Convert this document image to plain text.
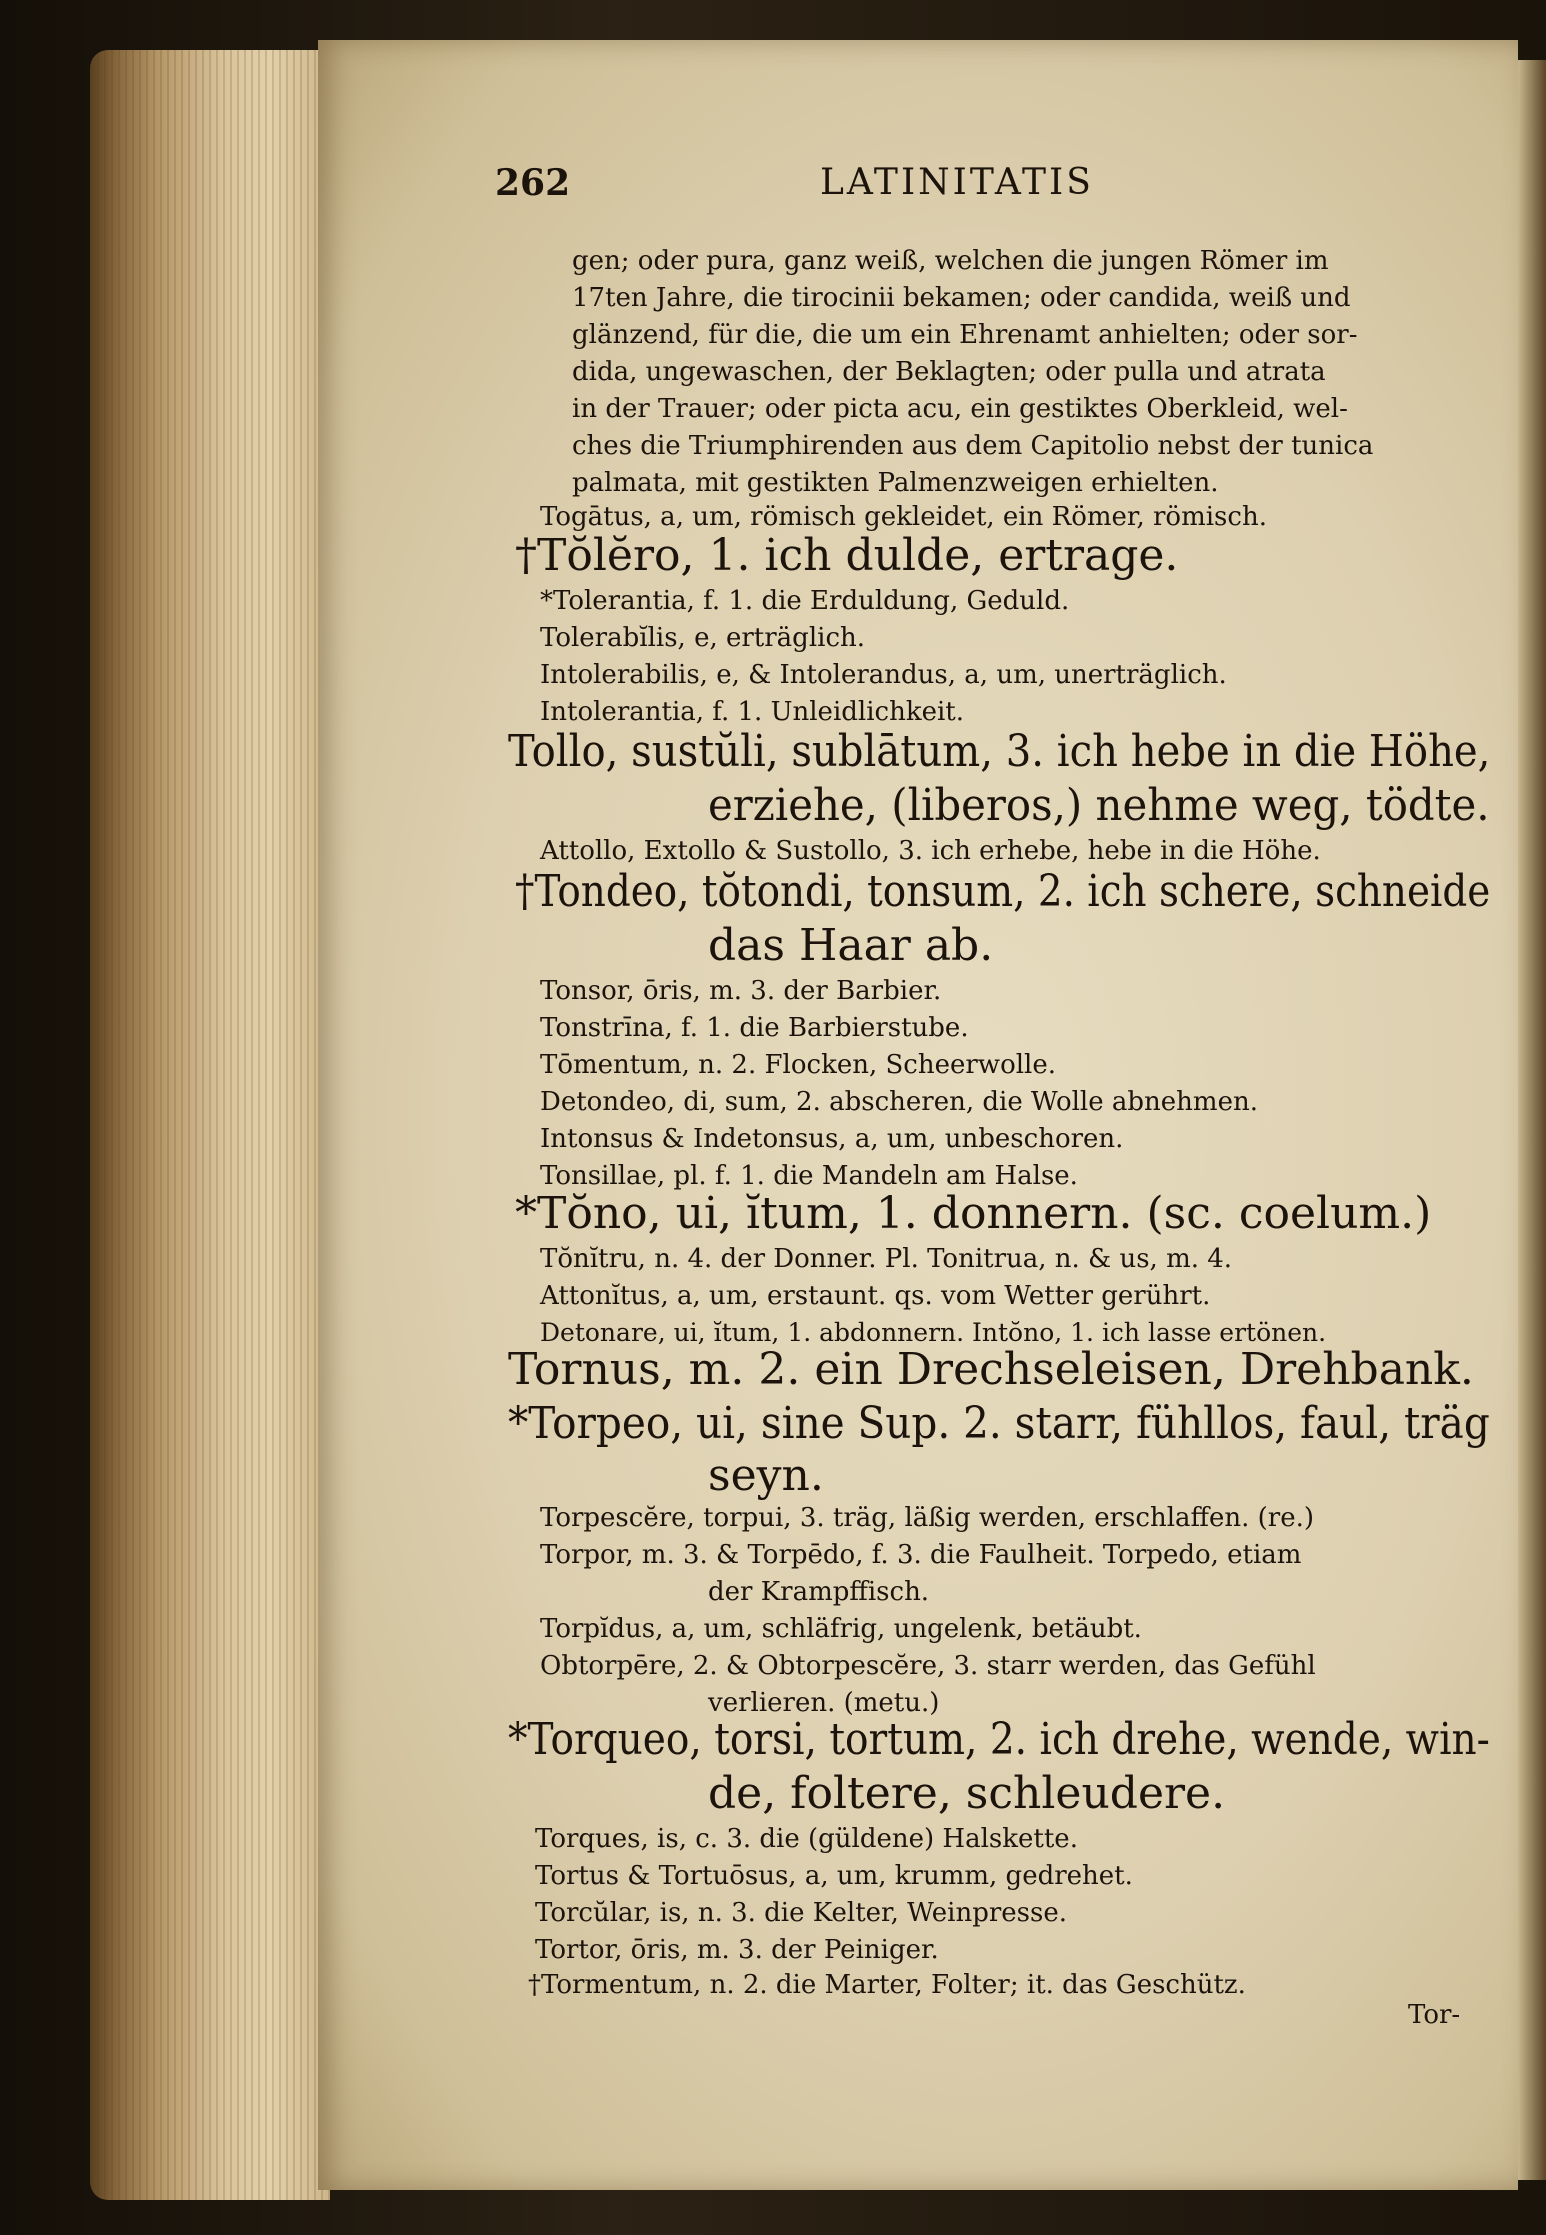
262	LATINITATIS
gen; oder pura, ganz weiß, welchen die jungen Römer im
17ten Jahre, die tirocinii bekamen; oder candida, weiß und
glänzend, für die, die um ein Ehrenamt anhielten; oder sor-
dida, ungewaschen, der Beklagten; oder pulla und atrata
in der Trauer; oder picta acu, ein gestiktes Oberkleid, wel-
ches die Triumphirenden aus dem Capitolio nebst der tunica
palmata, mit gestikten Palmenzweigen erhielten.
Togātus, a, um, römisch gekleidet, ein Römer, römisch.
†Tŏlĕro, 1. ich dulde, ertrage.
*Tolerantia, f. 1. die Erduldung, Geduld.
Tolerabĭlis, e, erträglich.
Intolerabilis, e, & Intolerandus, a, um, unerträglich.
Intolerantia, f. 1. Unleidlichkeit.
Tollo, sustŭli, sublātum, 3. ich hebe in die Höhe,
erziehe, (liberos,) nehme weg, tödte.
Attollo, Extollo & Sustollo, 3. ich erhebe, hebe in die Höhe.
†Tondeo, tŏtondi, tonsum, 2. ich schere, schneide
das Haar ab.
Tonsor, ōris, m. 3. der Barbier.
Tonstrīna, f. 1. die Barbierstube.
Tōmentum, n. 2. Flocken, Scheerwolle.
Detondeo, di, sum, 2. abscheren, die Wolle abnehmen.
Intonsus & Indetonsus, a, um, unbeschoren.
Tonsillae, pl. f. 1. die Mandeln am Halse.
*Tŏno, ui, ĭtum, 1. donnern. (sc. coelum.)
Tŏnĭtru, n. 4. der Donner. Pl. Tonitrua, n. & us, m. 4.
Attonĭtus, a, um, erstaunt. qs. vom Wetter gerührt.
Detonare, ui, ĭtum, 1. abdonnern. Intŏno, 1. ich lasse ertönen.
Tornus, m. 2. ein Drechseleisen, Drehbank.
*Torpeo, ui, sine Sup. 2. starr, fühllos, faul, träg
seyn.
Torpescĕre, torpui, 3. träg, läßig werden, erschlaffen. (re.)
Torpor, m. 3. & Torpēdo, f. 3. die Faulheit. Torpedo, etiam
der Krampffisch.
Torpĭdus, a, um, schläfrig, ungelenk, betäubt.
Obtorpēre, 2. & Obtorpescĕre, 3. starr werden, das Gefühl
verlieren. (metu.)
*Torqueo, torsi, tortum, 2. ich drehe, wende, win-
de, foltere, schleudere.
Torques, is, c. 3. die (güldene) Halskette.
Tortus & Tortuōsus, a, um, krumm, gedrehet.
Torcŭlar, is, n. 3. die Kelter, Weinpresse.
Tortor, ōris, m. 3. der Peiniger.
†Tormentum, n. 2. die Marter, Folter; it. das Geschütz.
Tor-
